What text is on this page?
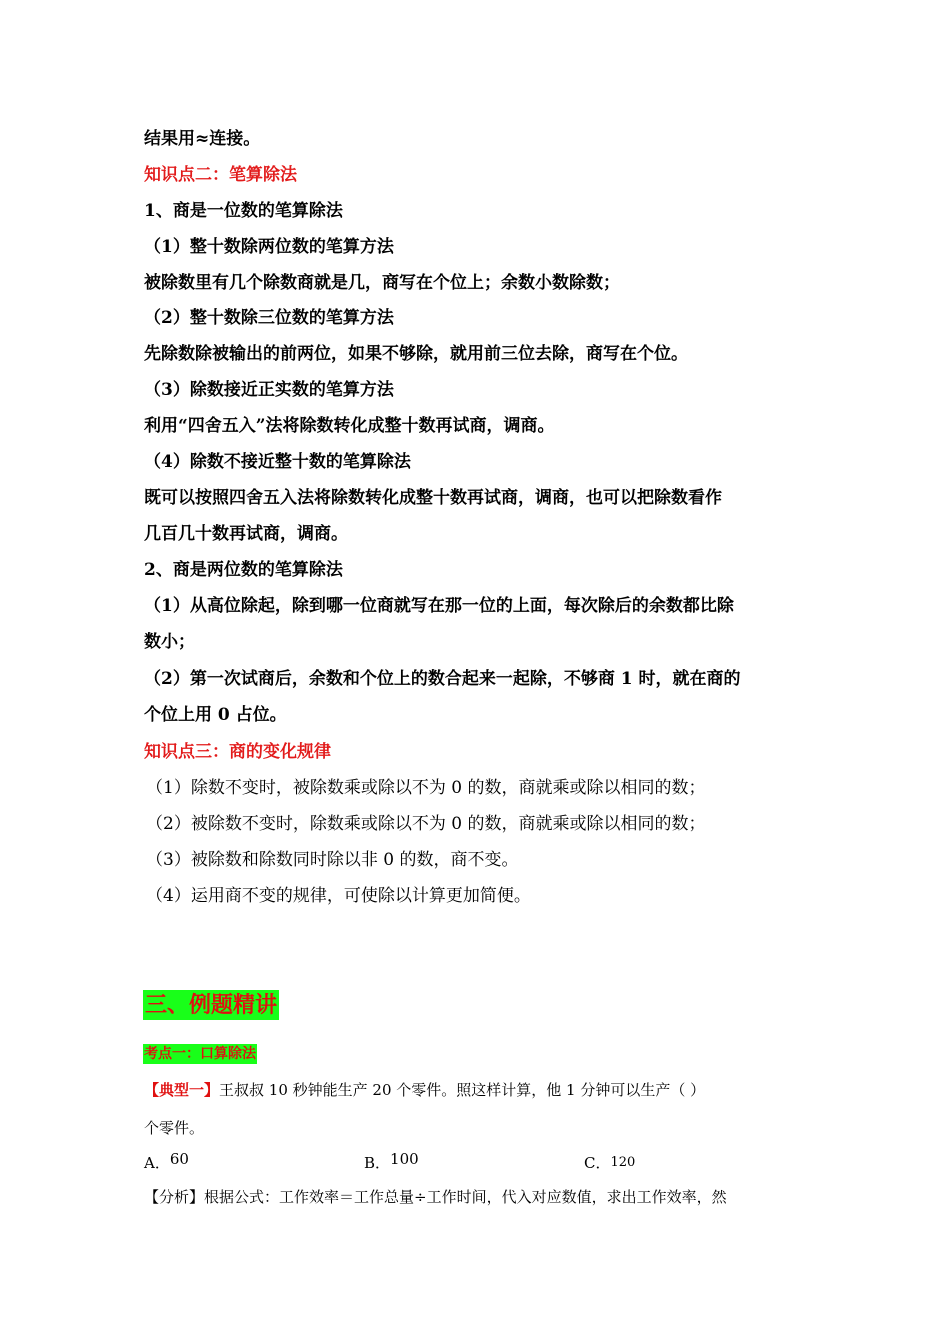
结果用≈连接。
知识点二：笔算除法
1、商是一位数的笔算除法
（1）整十数除两位数的笔算方法
被除数里有几个除数商就是几，商写在个位上；余数小数除数；
（2）整十数除三位数的笔算方法
先除数除被输出的前两位，如果不够除，就用前三位去除，商写在个位。
（3）除数接近正实数的笔算方法
利用“四舍五入”法将除数转化成整十数再试商，调商。
（4）除数不接近整十数的笔算除法
既可以按照四舍五入法将除数转化成整十数再试商，调商，也可以把除数看作
几百几十数再试商，调商。
2、商是两位数的笔算除法
（1）从高位除起，除到哪一位商就写在那一位的上面，每次除后的余数都比除
数小；
（2）第一次试商后，余数和个位上的数合起来一起除，不够商 1 时，就在商的
个位上用 0 占位。
知识点三：商的变化规律
（1）除数不变时，被除数乘或除以不为 0 的数，商就乘或除以相同的数；
（2）被除数不变时，除数乘或除以不为 0 的数，商就乘或除以相同的数；
（3）被除数和除数同时除以非 0 的数，商不变。
（4）运用商不变的规律，可使除以计算更加简便。
三、例题精讲
考点一：口算除法
【典型一】王叔叔 10 秒钟能生产 20 个零件。照这样计算，他 1 分钟可以生产（ ）
个零件。
A．60	B．100	C．120
【分析】根据公式：工作效率＝工作总量÷工作时间，代入对应数值，求出工作效率，然
